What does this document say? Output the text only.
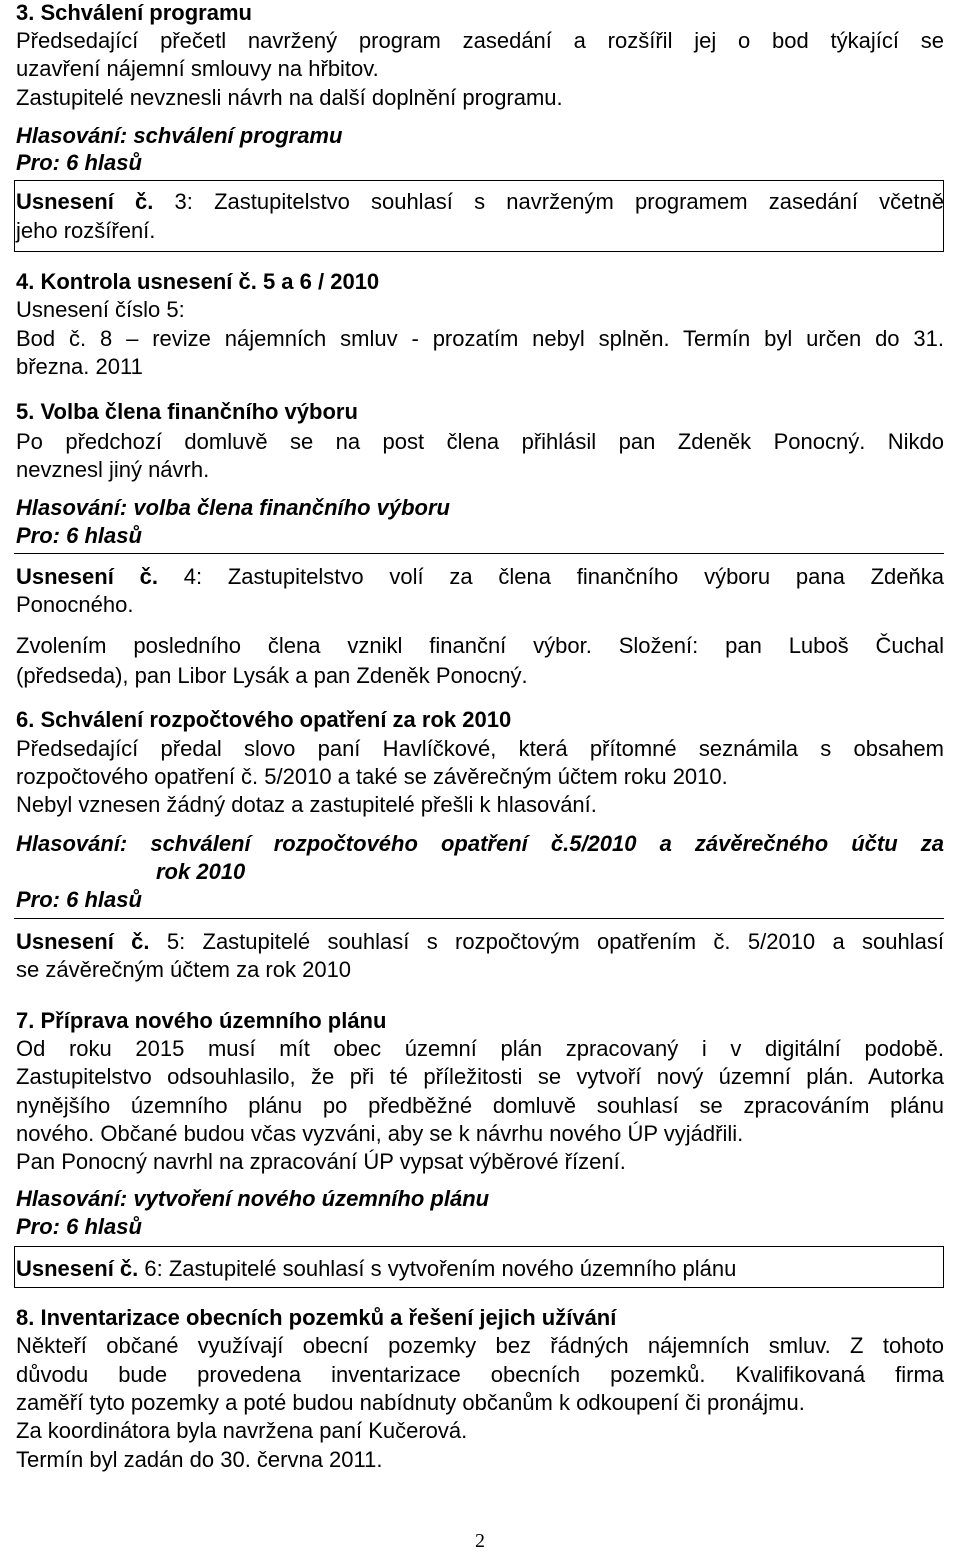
3. Schválení programu
Předsedající přečetl navržený program zasedání a rozšířil jej o bod týkající se
uzavření nájemní smlouvy na hřbitov.
Zastupitelé nevznesli návrh na další doplnění programu.
Hlasování: schválení programu
Pro: 6 hlasů
Usnesení č. 3: Zastupitelstvo souhlasí s navrženým programem zasedání včetně
jeho rozšíření.
4. Kontrola usnesení č. 5 a 6 / 2010
Usnesení číslo 5:
Bod č. 8 – revize nájemních smluv - prozatím nebyl splněn. Termín byl určen do 31.
března. 2011
5. Volba člena finančního výboru
Po předchozí domluvě se na post člena přihlásil pan Zdeněk Ponocný. Nikdo
nevznesl jiný návrh.
Hlasování: volba člena finančního výboru
Pro: 6 hlasů
Usnesení č. 4: Zastupitelstvo volí za člena finančního výboru pana Zdeňka
Ponocného.
Zvolením posledního člena vznikl finanční výbor. Složení: pan Luboš Čuchal
(předseda), pan Libor Lysák a pan Zdeněk Ponocný.
6. Schválení rozpočtového opatření za rok 2010
Předsedající předal slovo paní Havlíčkové, která přítomné seznámila s obsahem
rozpočtového opatření č. 5/2010 a také se závěrečným účtem roku 2010.
Nebyl vznesen žádný dotaz a zastupitelé přešli k hlasování.
Hlasování: schválení rozpočtového opatření č.5/2010 a závěrečného účtu za
rok 2010
Pro: 6 hlasů
Usnesení č. 5: Zastupitelé souhlasí s rozpočtovým opatřením č. 5/2010 a souhlasí
se závěrečným účtem za rok 2010
7. Příprava nového územního plánu
Od roku 2015 musí mít obec územní plán zpracovaný i v digitální podobě.
Zastupitelstvo odsouhlasilo, že při té příležitosti se vytvoří nový územní plán. Autorka
nynějšího územního plánu po předběžné domluvě souhlasí se zpracováním plánu
nového. Občané budou včas vyzváni, aby se k návrhu nového ÚP vyjádřili.
Pan Ponocný navrhl na zpracování ÚP vypsat výběrové řízení.
Hlasování: vytvoření nového územního plánu
Pro: 6 hlasů
Usnesení č. 6: Zastupitelé souhlasí s vytvořením nového územního plánu
8. Inventarizace obecních pozemků a řešení jejich užívání
Někteří občané využívají obecní pozemky bez řádných nájemních smluv. Z tohoto
důvodu bude provedena inventarizace obecních pozemků. Kvalifikovaná firma
zaměří tyto pozemky a poté budou nabídnuty občanům k odkoupení či pronájmu.
Za koordinátora byla navržena paní Kučerová.
Termín byl zadán do 30. června 2011.
2
